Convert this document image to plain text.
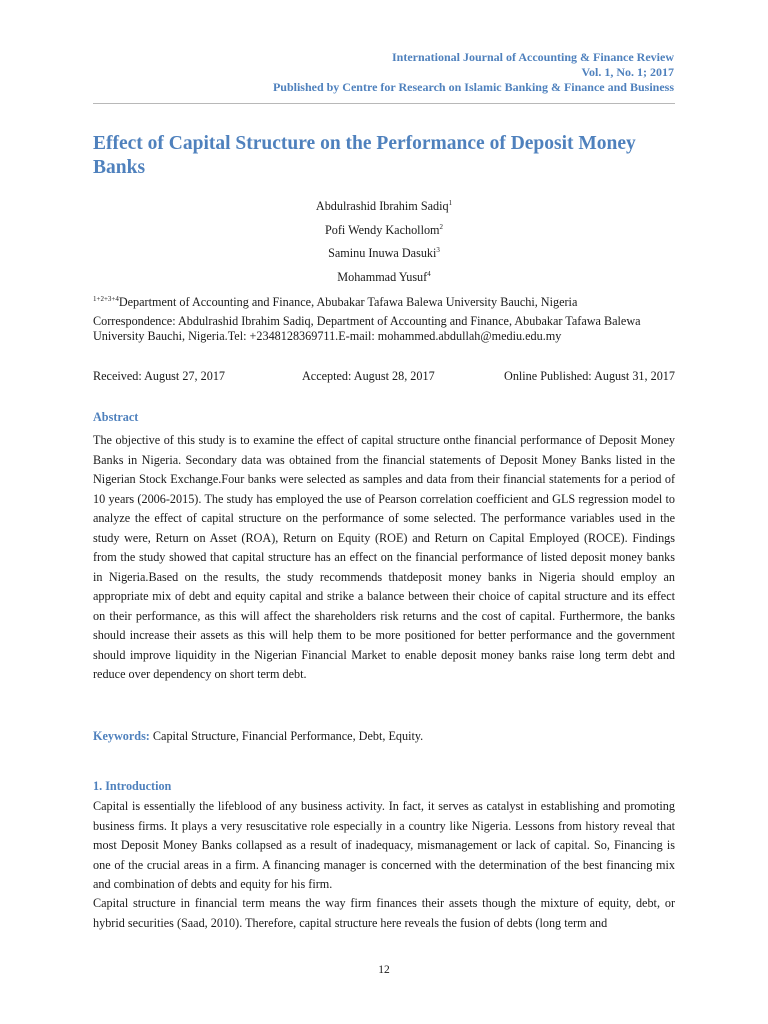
International Journal of Accounting & Finance Review
Vol. 1, No. 1; 2017
Published by Centre for Research on Islamic Banking & Finance and Business
Effect of Capital Structure on the Performance of Deposit Money Banks
Abdulrashid Ibrahim Sadiq$^1$
Pofi Wendy Kachollom$^2$
Saminu Inuwa Dasuki$^3$
Mohammad Yusuf$^4$
$^{1+2+3+4}$Department of Accounting and Finance, Abubakar Tafawa Balewa University Bauchi, Nigeria
Correspondence: Abdulrashid Ibrahim Sadiq, Department of Accounting and Finance, Abubakar Tafawa Balewa University Bauchi, Nigeria.Tel: +2348128369711.E-mail: mohammed.abdullah@mediu.edu.my
Received: August 27, 2017	Accepted: August 28, 2017	Online Published: August 31, 2017
Abstract
The objective of this study is to examine the effect of capital structure onthe financial performance of Deposit Money Banks in Nigeria. Secondary data was obtained from the financial statements of Deposit Money Banks listed in the Nigerian Stock Exchange.Four banks were selected as samples and data from their financial statements for a period of 10 years (2006-2015). The study has employed the use of Pearson correlation coefficient and GLS regression model to analyze the effect of capital structure on the performance of some selected. The performance variables used in the study were, Return on Asset (ROA), Return on Equity (ROE) and Return on Capital Employed (ROCE). Findings from the study showed that capital structure has an effect on the financial performance of listed deposit money banks in Nigeria.Based on the results, the study recommends thatdeposit money banks in Nigeria should employ an appropriate mix of debt and equity capital and strike a balance between their choice of capital structure and its effect on their performance, as this will affect the shareholders risk returns and the cost of capital. Furthermore, the banks should increase their assets as this will help them to be more positioned for better performance and the government should improve liquidity in the Nigerian Financial Market to enable deposit money banks raise long term debt and reduce over dependency on short term debt.
Keywords: Capital Structure, Financial Performance, Debt, Equity.
1. Introduction
Capital is essentially the lifeblood of any business activity. In fact, it serves as catalyst in establishing and promoting business firms. It plays a very resuscitative role especially in a country like Nigeria. Lessons from history reveal that most Deposit Money Banks collapsed as a result of inadequacy, mismanagement or lack of capital. So, Financing is one of the crucial areas in a firm. A financing manager is concerned with the determination of the best financing mix and combination of debts and equity for his firm.
Capital structure in financial term means the way firm finances their assets though the mixture of equity, debt, or hybrid securities (Saad, 2010). Therefore, capital structure here reveals the fusion of debts (long term and
12
